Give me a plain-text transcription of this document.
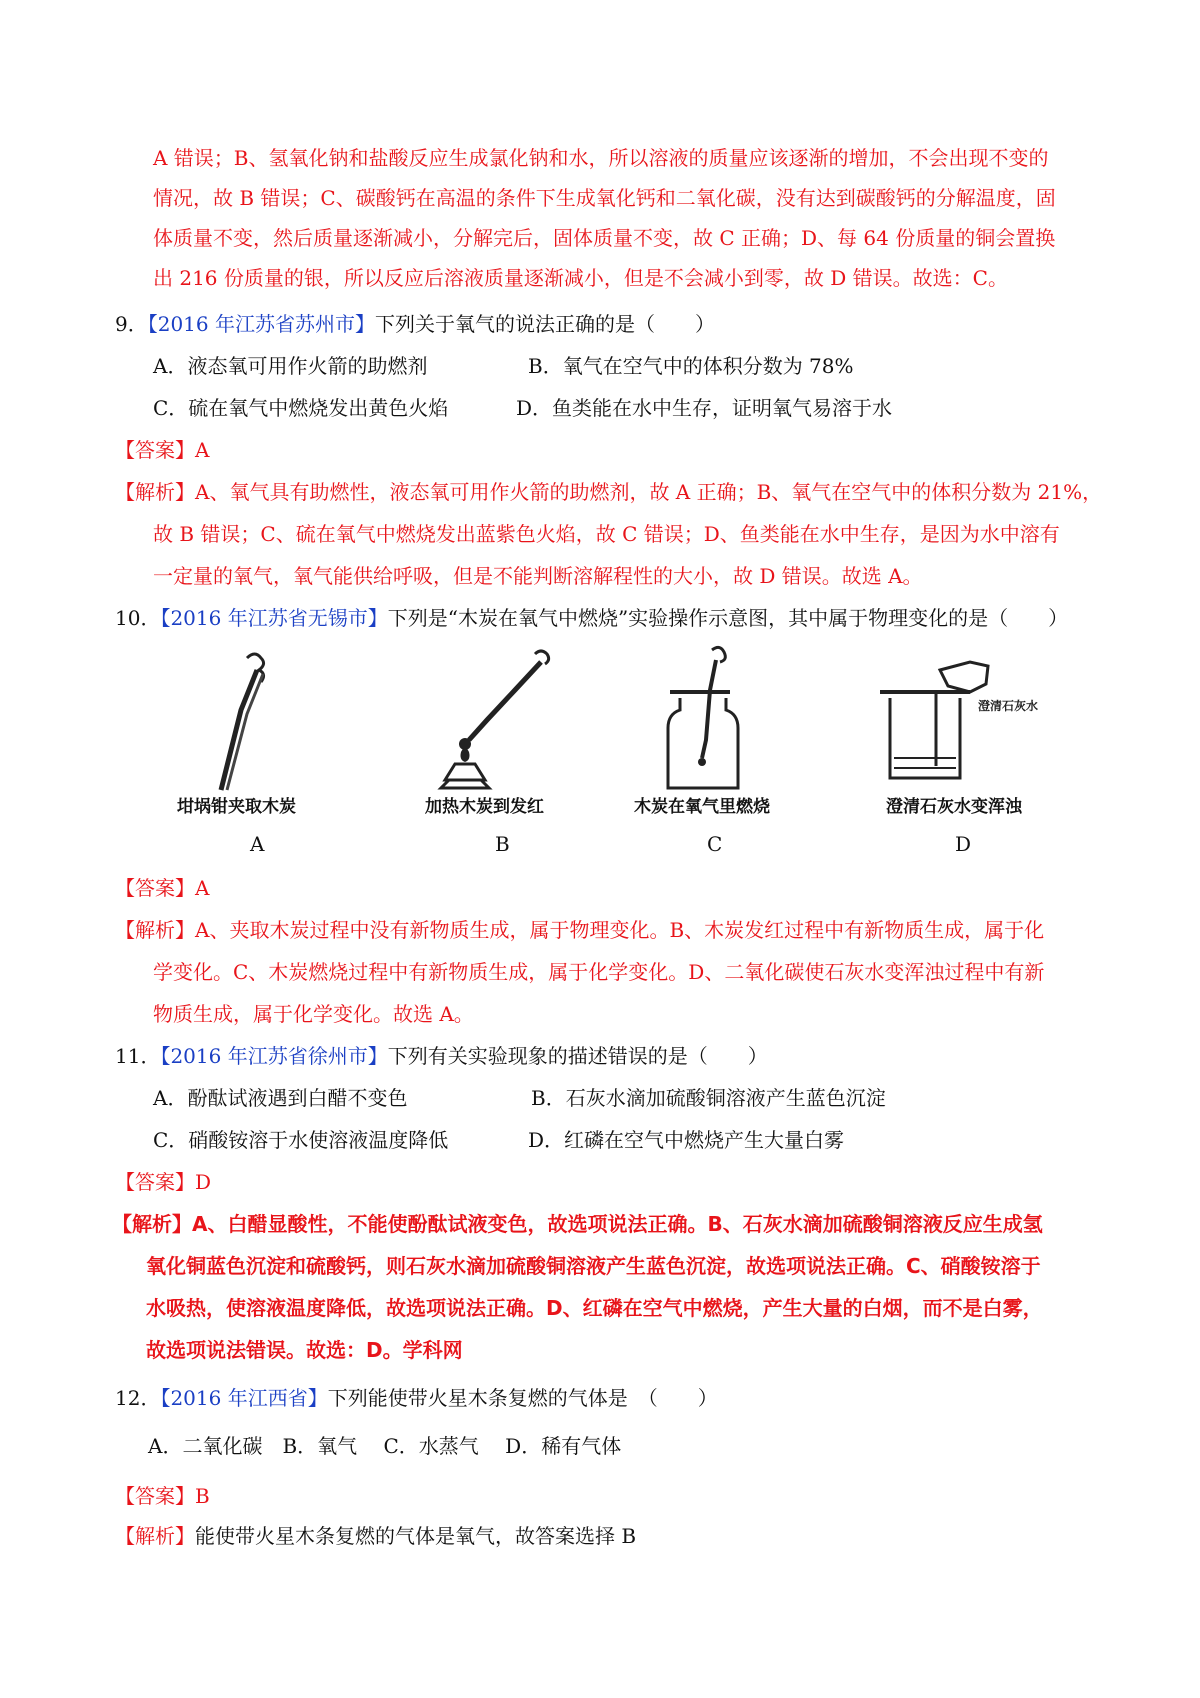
A 错误；B、氢氧化钠和盐酸反应生成氯化钠和水，所以溶液的质量应该逐渐的增加，不会出现不变的
情况，故 B 错误；C、碳酸钙在高温的条件下生成氧化钙和二氧化碳，没有达到碳酸钙的分解温度，固
体质量不变，然后质量逐渐减小，分解完后，固体质量不变，故 C 正确；D、每 64 份质量的铜会置换
出 216 份质量的银，所以反应后溶液质量逐渐减小，但是不会减小到零，故 D 错误。故选：C。
9．【2016 年江苏省苏州市】下列关于氧气的说法正确的是（　　）
A．液态氧可用作火箭的助燃剂	B．氧气在空气中的体积分数为 78%
C．硫在氧气中燃烧发出黄色火焰	D．鱼类能在水中生存，证明氧气易溶于水
【答案】A
【解析】A、氧气具有助燃性，液态氧可用作火箭的助燃剂，故 A 正确；B、氧气在空气中的体积分数为 21%，
故 B 错误；C、硫在氧气中燃烧发出蓝紫色火焰，故 C 错误；D、鱼类能在水中生存，是因为水中溶有
一定量的氧气，氧气能供给呼吸，但是不能判断溶解程性的大小，故 D 错误。故选 A。
10．【2016 年江苏省无锡市】下列是“木炭在氧气中燃烧”实验操作示意图，其中属于物理变化的是（　　）
坩埚钳夹取木炭
A
加热木炭到发红
B
木炭在氧气里燃烧
C
澄清石灰水
澄清石灰水变浑浊
D
【答案】A
【解析】A、夹取木炭过程中没有新物质生成，属于物理变化。B、木炭发红过程中有新物质生成，属于化
学变化。C、木炭燃烧过程中有新物质生成，属于化学变化。D、二氧化碳使石灰水变浑浊过程中有新
物质生成，属于化学变化。故选 A。
11．【2016 年江苏省徐州市】下列有关实验现象的描述错误的是（　　）
A．酚酞试液遇到白醋不变色	B．石灰水滴加硫酸铜溶液产生蓝色沉淀
C．硝酸铵溶于水使溶液温度降低	D．红磷在空气中燃烧产生大量白雾
【答案】D
【解析】A、白醋显酸性，不能使酚酞试液变色，故选项说法正确。B、石灰水滴加硫酸铜溶液反应生成氢
氧化铜蓝色沉淀和硫酸钙，则石灰水滴加硫酸铜溶液产生蓝色沉淀，故选项说法正确。C、硝酸铵溶于
水吸热，使溶液温度降低，故选项说法正确。D、红磷在空气中燃烧，产生大量的白烟，而不是白雾，
故选项说法错误。故选：D。学科网
12．【2016 年江西省】下列能使带火星木条复燃的气体是　（　　）
A．二氧化碳　B．氧气　 C．水蒸气　 D．稀有气体
【答案】B
【解析】能使带火星木条复燃的气体是氧气，故答案选择 B
